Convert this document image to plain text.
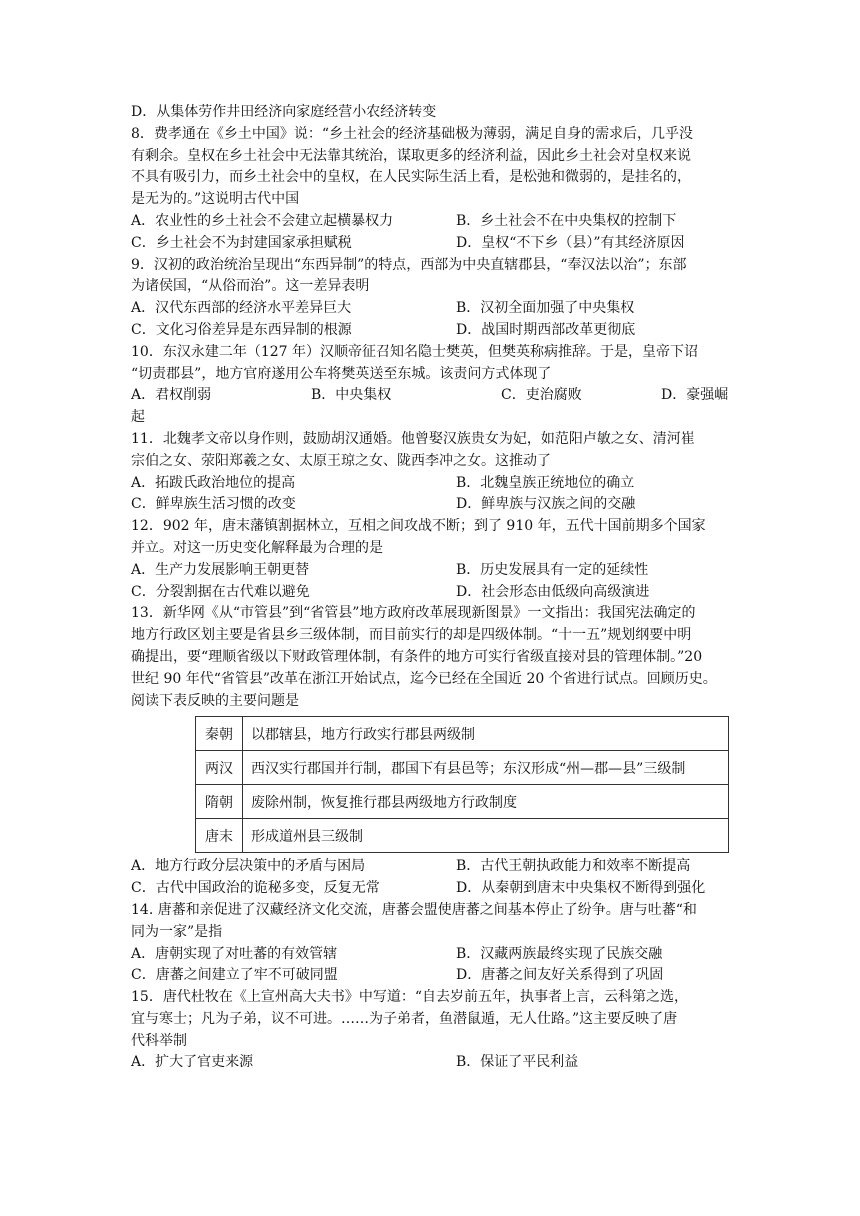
D．从集体劳作井田经济向家庭经营小农经济转变
8．费孝通在《乡土中国》说：“乡土社会的经济基础极为薄弱，满足自身的需求后，几乎没
有剩余。皇权在乡土社会中无法靠其统治，谋取更多的经济利益，因此乡土社会对皇权来说
不具有吸引力，而乡土社会中的皇权，在人民实际生活上看，是松弛和微弱的，是挂名的，
是无为的。”这说明古代中国
A．农业性的乡土社会不会建立起横暴权力	B．乡土社会不在中央集权的控制下
C．乡土社会不为封建国家承担赋税	D．皇权“不下乡（县）”有其经济原因
9．汉初的政治统治呈现出“东西异制”的特点，西部为中央直辖郡县，“奉汉法以治”；东部
为诸侯国，“从俗而治”。这一差异表明
A．汉代东西部的经济水平差异巨大	B．汉初全面加强了中央集权
C．文化习俗差异是东西异制的根源	D．战国时期西部改革更彻底
10．东汉永建二年（127 年）汉顺帝征召知名隐士樊英，但樊英称病推辞。于是，皇帝下诏
“切责郡县”，地方官府遂用公车将樊英送至东城。该责问方式体现了
A．君权削弱	B．中央集权	C．吏治腐败	D．豪强崛
起
11．北魏孝文帝以身作则，鼓励胡汉通婚。他曾娶汉族贵女为妃，如范阳卢敏之女、清河崔
宗伯之女、荥阳郑羲之女、太原王琼之女、陇西李冲之女。这推动了
A．拓跋氏政治地位的提高	B．北魏皇族正统地位的确立
C．鲜卑族生活习惯的改变	D．鲜卑族与汉族之间的交融
12．902 年，唐末藩镇割据林立，互相之间攻战不断；到了 910 年，五代十国前期多个国家
并立。对这一历史变化解释最为合理的是
A．生产力发展影响王朝更替	B．历史发展具有一定的延续性
C．分裂割据在古代难以避免	D．社会形态由低级向高级演进
13．新华网《从“市管县”到“省管县”地方政府改革展现新图景》一文指出：我国宪法确定的
地方行政区划主要是省县乡三级体制，而目前实行的却是四级体制。“十一五”规划纲要中明
确提出，要“理顺省级以下财政管理体制，有条件的地方可实行省级直接对县的管理体制。”20
世纪 90 年代“省管县”改革在浙江开始试点，迄今已经在全国近 20 个省进行试点。回顾历史。
阅读下表反映的主要问题是
秦朝	以郡辖县，地方行政实行郡县两级制
两汉	西汉实行郡国并行制，郡国下有县邑等；东汉形成“州—郡—县”三级制
隋朝	废除州制，恢复推行郡县两级地方行政制度
唐末	形成道州县三级制
A．地方行政分层决策中的矛盾与困局	B．古代王朝执政能力和效率不断提高
C．古代中国政治的诡秘多变，反复无常	D．从秦朝到唐末中央集权不断得到强化
14. 唐蕃和亲促进了汉藏经济文化交流，唐蕃会盟使唐蕃之间基本停止了纷争。唐与吐蕃“和
同为一家”是指
A．唐朝实现了对吐蕃的有效管辖	B．汉藏两族最终实现了民族交融
C．唐蕃之间建立了牢不可破同盟	D．唐蕃之间友好关系得到了巩固
15．唐代杜牧在《上宣州高大夫书》中写道：“自去岁前五年，执事者上言，云科第之选，
宜与寒士；凡为子弟，议不可进。……为子弟者，鱼潜鼠遁，无人仕路。”这主要反映了唐
代科举制
A．扩大了官吏来源	B．保证了平民利益
